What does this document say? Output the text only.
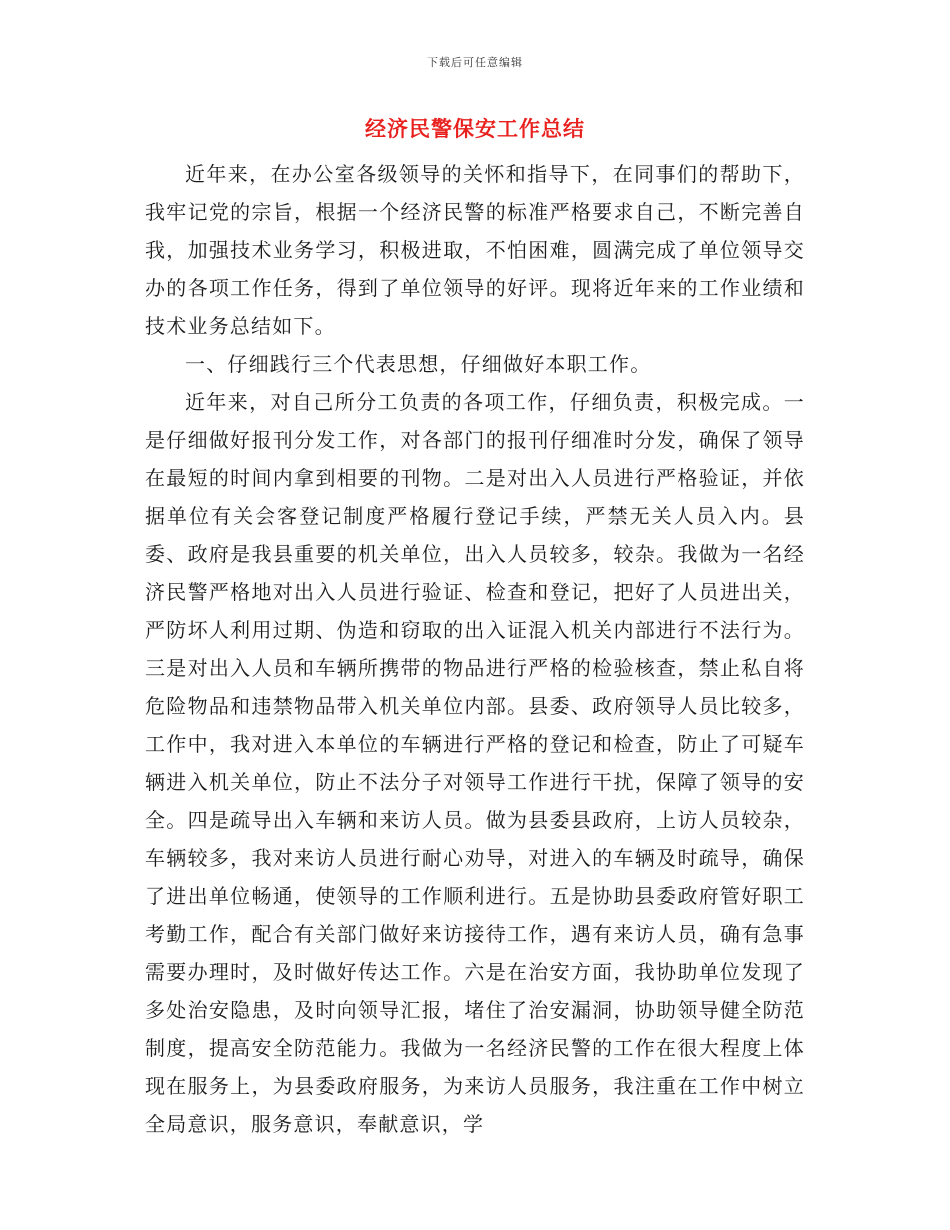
下载后可任意编辑
经济民警保安工作总结

近年来，在办公室各级领导的关怀和指导下，在同事们的帮助下，我牢记党的宗旨，根据一个经济民警的标准严格要求自己，不断完善自我，加强技术业务学习，积极进取，不怕困难，圆满完成了单位领导交办的各项工作任务，得到了单位领导的好评。现将近年来的工作业绩和技术业务总结如下。

一、仔细践行三个代表思想，仔细做好本职工作。

近年来，对自己所分工负责的各项工作，仔细负责，积极完成。一是仔细做好报刊分发工作，对各部门的报刊仔细准时分发，确保了领导在最短的时间内拿到相要的刊物。二是对出入人员进行严格验证，并依据单位有关会客登记制度严格履行登记手续，严禁无关人员入内。县委、政府是我县重要的机关单位，出入人员较多，较杂。我做为一名经济民警严格地对出入人员进行验证、检查和登记，把好了人员进出关，严防坏人利用过期、伪造和窃取的出入证混入机关内部进行不法行为。三是对出入人员和车辆所携带的物品进行严格的检验核查，禁止私自将危险物品和违禁物品带入机关单位内部。县委、政府领导人员比较多，工作中，我对进入本单位的车辆进行严格的登记和检查，防止了可疑车辆进入机关单位，防止不法分子对领导工作进行干扰，保障了领导的安全。四是疏导出入车辆和来访人员。做为县委县政府，上访人员较杂，车辆较多，我对来访人员进行耐心劝导，对进入的车辆及时疏导，确保了进出单位畅通，使领导的工作顺利进行。五是协助县委政府管好职工考勤工作，配合有关部门做好来访接待工作，遇有来访人员，确有急事需要办理时，及时做好传达工作。六是在治安方面，我协助单位发现了多处治安隐患，及时向领导汇报，堵住了治安漏洞，协助领导健全防范制度，提高安全防范能力。我做为一名经济民警的工作在很大程度上体现在服务上，为县委政府服务，为来访人员服务，我注重在工作中树立全局意识，服务意识，奉献意识，学
